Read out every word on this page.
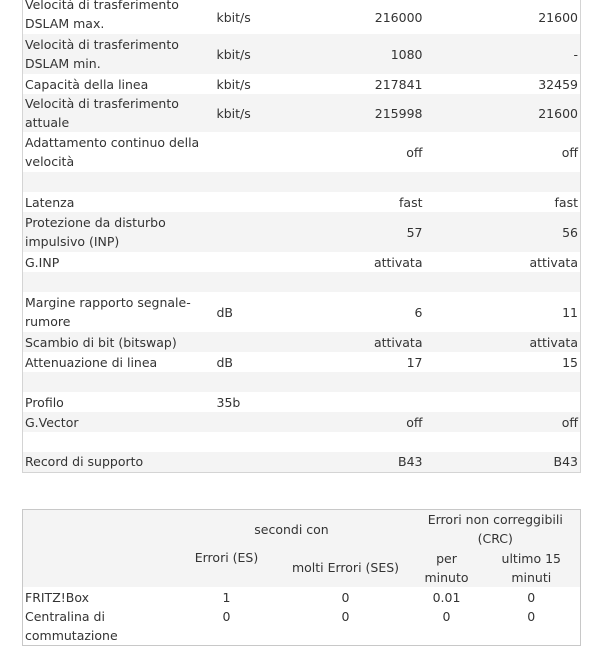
Velocità di trasferimento DSLAM max.	kbit/s	216000	21600
Velocità di trasferimento DSLAM min.	kbit/s	1080	-
Capacità della linea	kbit/s	217841	32459
Velocità di trasferimento attuale	kbit/s	215998	21600
Adattamento continuo della velocità		off	off

Latenza		fast	fast
Protezione da disturbo impulsivo (INP)		57	56
G.INP		attivata	attivata

Margine rapporto segnale-rumore	dB	6	11
Scambio di bit (bitswap)		attivata	attivata
Attenuazione di linea	dB	17	15

Profilo	35b		
G.Vector		off	off

Record di supporto		B43	B43
	secondi con		Errori non correggibili (CRC)	
	Errori (ES)	molti Errori (SES)	per minuto	ultimo 15 minuti
FRITZ!Box	1	0	0.01	0
Centralina di commutazione	0	0	0	0
